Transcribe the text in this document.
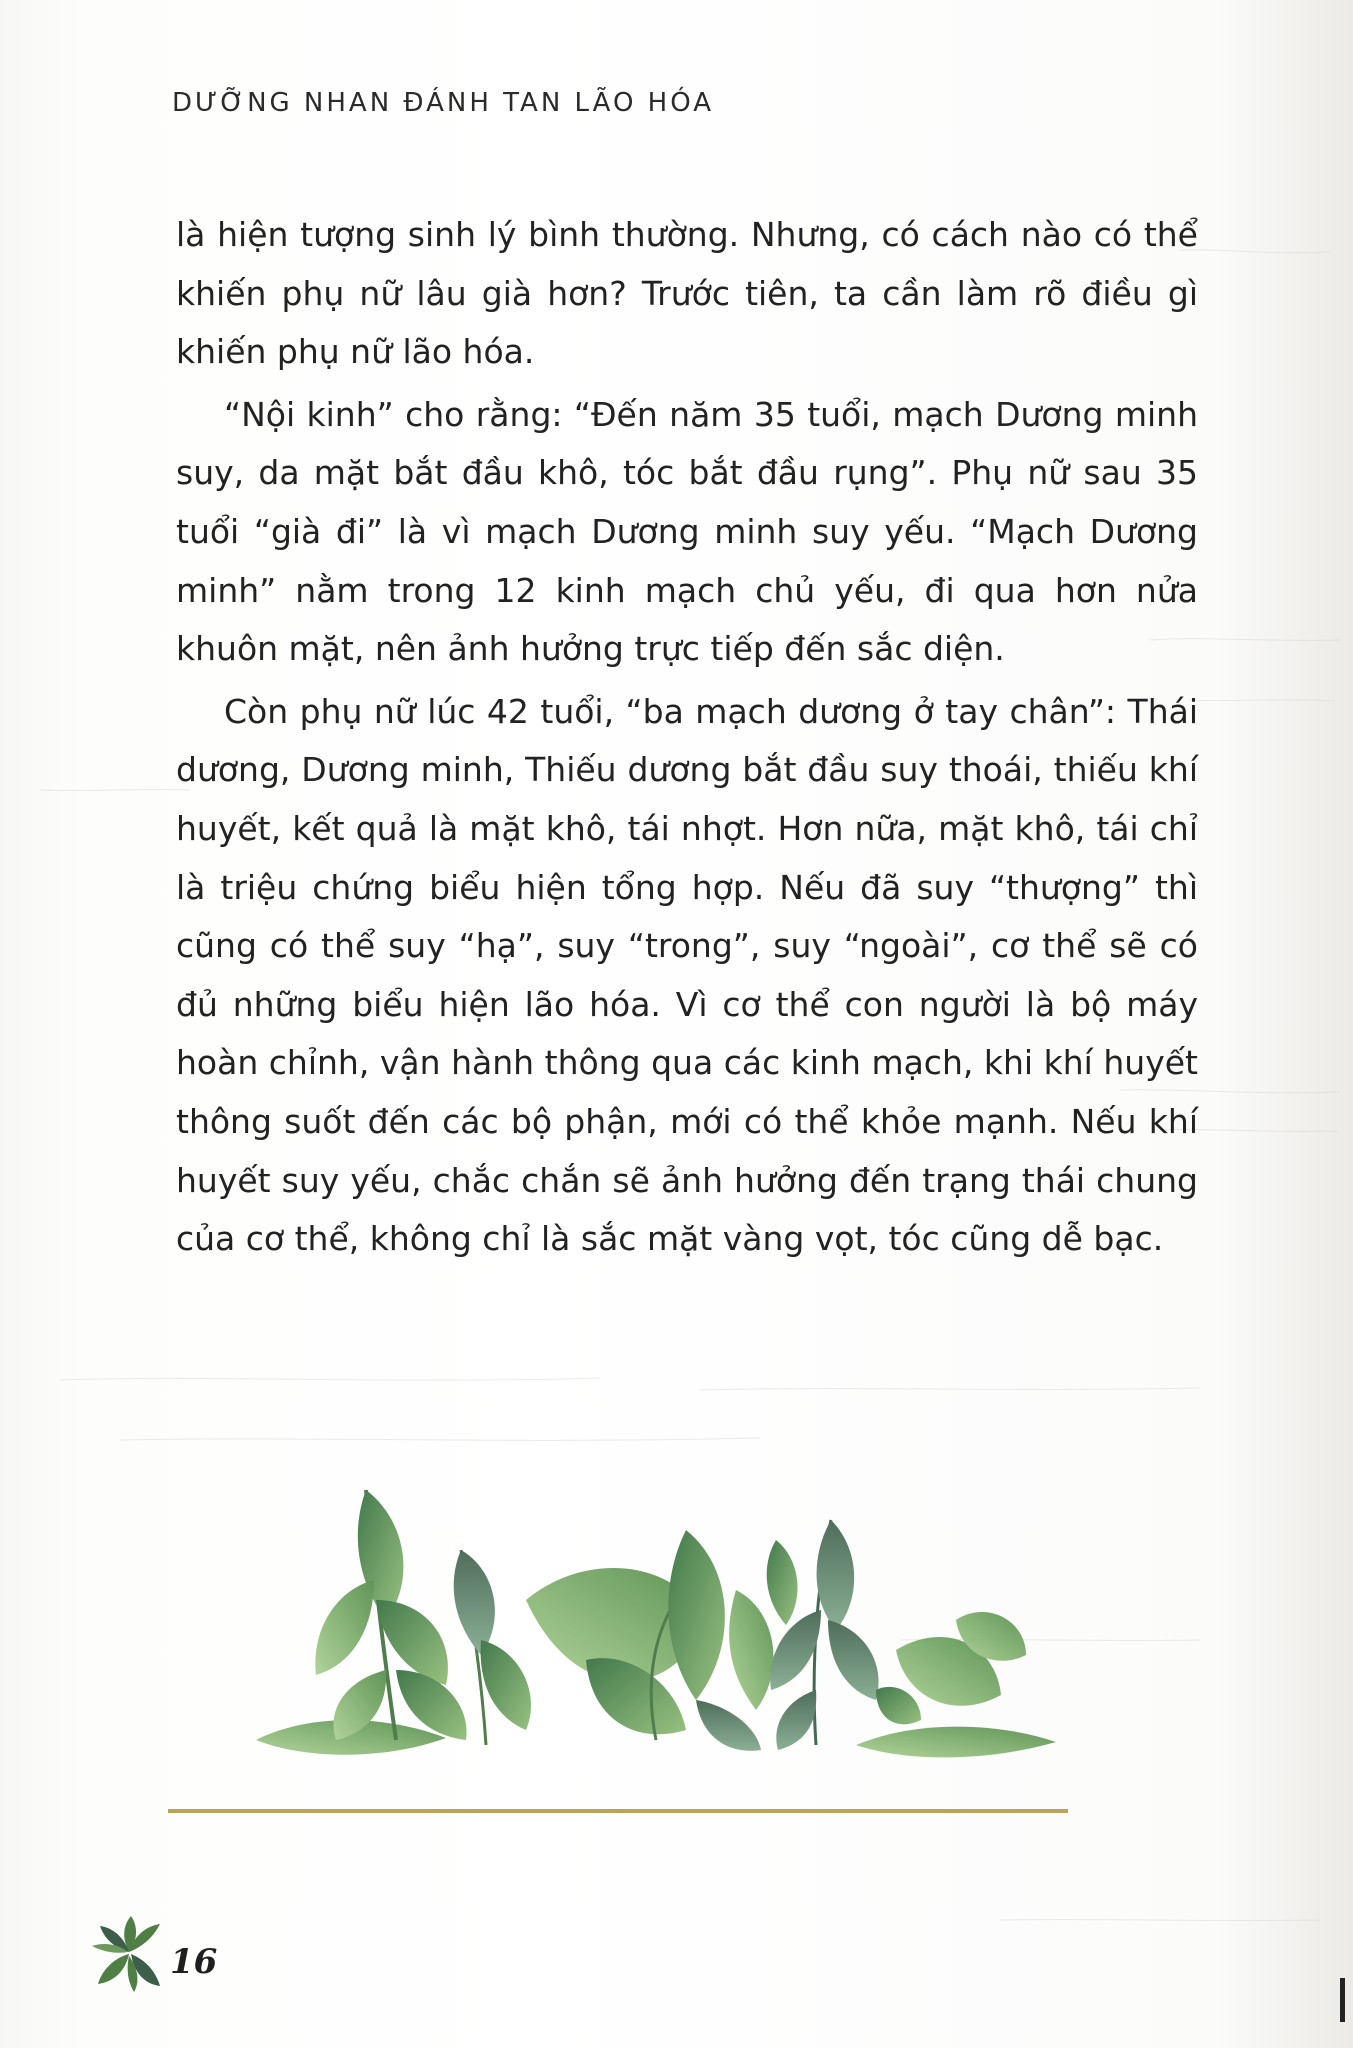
DƯỠNG NHAN ĐÁNH TAN LÃO HÓA

là hiện tượng sinh lý bình thường. Nhưng, có cách nào có thể khiến phụ nữ lâu già hơn? Trước tiên, ta cần làm rõ điều gì khiến phụ nữ lão hóa.

“Nội kinh” cho rằng: “Đến năm 35 tuổi, mạch Dương minh suy, da mặt bắt đầu khô, tóc bắt đầu rụng”. Phụ nữ sau 35 tuổi “già đi” là vì mạch Dương minh suy yếu. “Mạch Dương minh” nằm trong 12 kinh mạch chủ yếu, đi qua hơn nửa khuôn mặt, nên ảnh hưởng trực tiếp đến sắc diện.

Còn phụ nữ lúc 42 tuổi, “ba mạch dương ở tay chân”: Thái dương, Dương minh, Thiếu dương bắt đầu suy thoái, thiếu khí huyết, kết quả là mặt khô, tái nhợt. Hơn nữa, mặt khô, tái chỉ là triệu chứng biểu hiện tổng hợp. Nếu đã suy “thượng” thì cũng có thể suy “hạ”, suy “trong”, suy “ngoài”, cơ thể sẽ có đủ những biểu hiện lão hóa. Vì cơ thể con người là bộ máy hoàn chỉnh, vận hành thông qua các kinh mạch, khi khí huyết thông suốt đến các bộ phận, mới có thể khỏe mạnh. Nếu khí huyết suy yếu, chắc chắn sẽ ảnh hưởng đến trạng thái chung của cơ thể, không chỉ là sắc mặt vàng vọt, tóc cũng dễ bạc.

16
